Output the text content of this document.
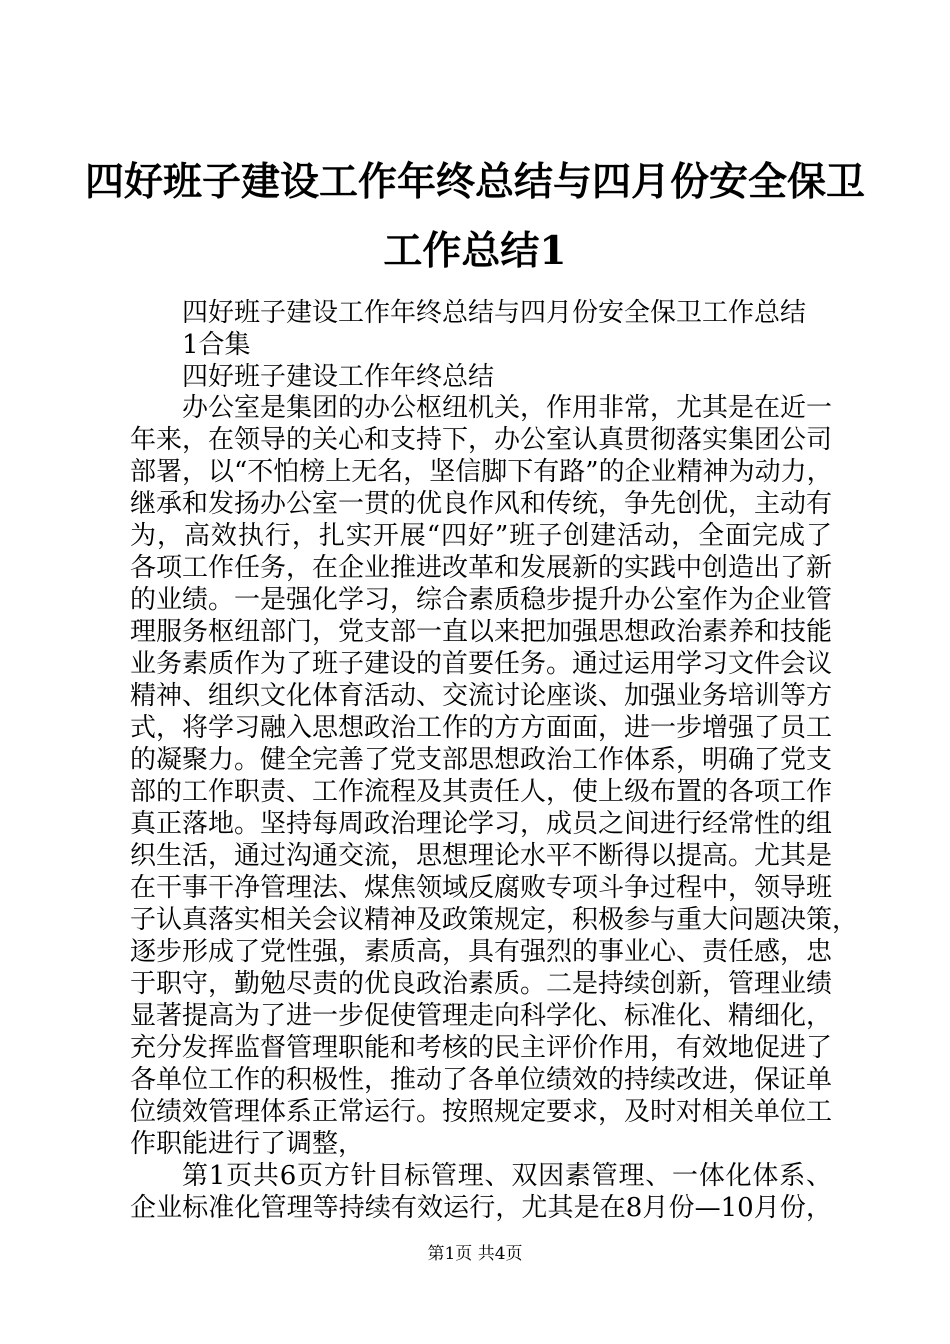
四好班子建设工作年终总结与四月份安全保卫
工作总结1

四好班子建设工作年终总结与四月份安全保卫工作总结

1合集

四好班子建设工作年终总结

办公室是集团的办公枢纽机关，作用非常，尤其是在近一

年来，在领导的关心和支持下，办公室认真贯彻落实集团公司

部署，以“不怕榜上无名，坚信脚下有路”的企业精神为动力，

继承和发扬办公室一贯的优良作风和传统，争先创优，主动有

为，高效执行，扎实开展“四好”班子创建活动，全面完成了

各项工作任务，在企业推进改革和发展新的实践中创造出了新

的业绩。一是强化学习，综合素质稳步提升办公室作为企业管

理服务枢纽部门，党支部一直以来把加强思想政治素养和技能

业务素质作为了班子建设的首要任务。通过运用学习文件会议

精神、组织文化体育活动、交流讨论座谈、加强业务培训等方

式，将学习融入思想政治工作的方方面面，进一步增强了员工

的凝聚力。健全完善了党支部思想政治工作体系，明确了党支

部的工作职责、工作流程及其责任人，使上级布置的各项工作

真正落地。坚持每周政治理论学习，成员之间进行经常性的组

织生活，通过沟通交流，思想理论水平不断得以提高。尤其是

在干事干净管理法、煤焦领域反腐败专项斗争过程中，领导班

子认真落实相关会议精神及政策规定，积极参与重大问题决策，

逐步形成了党性强，素质高，具有强烈的事业心、责任感，忠

于职守，勤勉尽责的优良政治素质。二是持续创新，管理业绩

显著提高为了进一步促使管理走向科学化、标准化、精细化，

充分发挥监督管理职能和考核的民主评价作用，有效地促进了

各单位工作的积极性，推动了各单位绩效的持续改进，保证单

位绩效管理体系正常运行。按照规定要求，及时对相关单位工

作职能进行了调整，

第1页共6页方针目标管理、双因素管理、一体化体系、

企业标准化管理等持续有效运行，尤其是在8月份—10月份，

第1页 共4页
